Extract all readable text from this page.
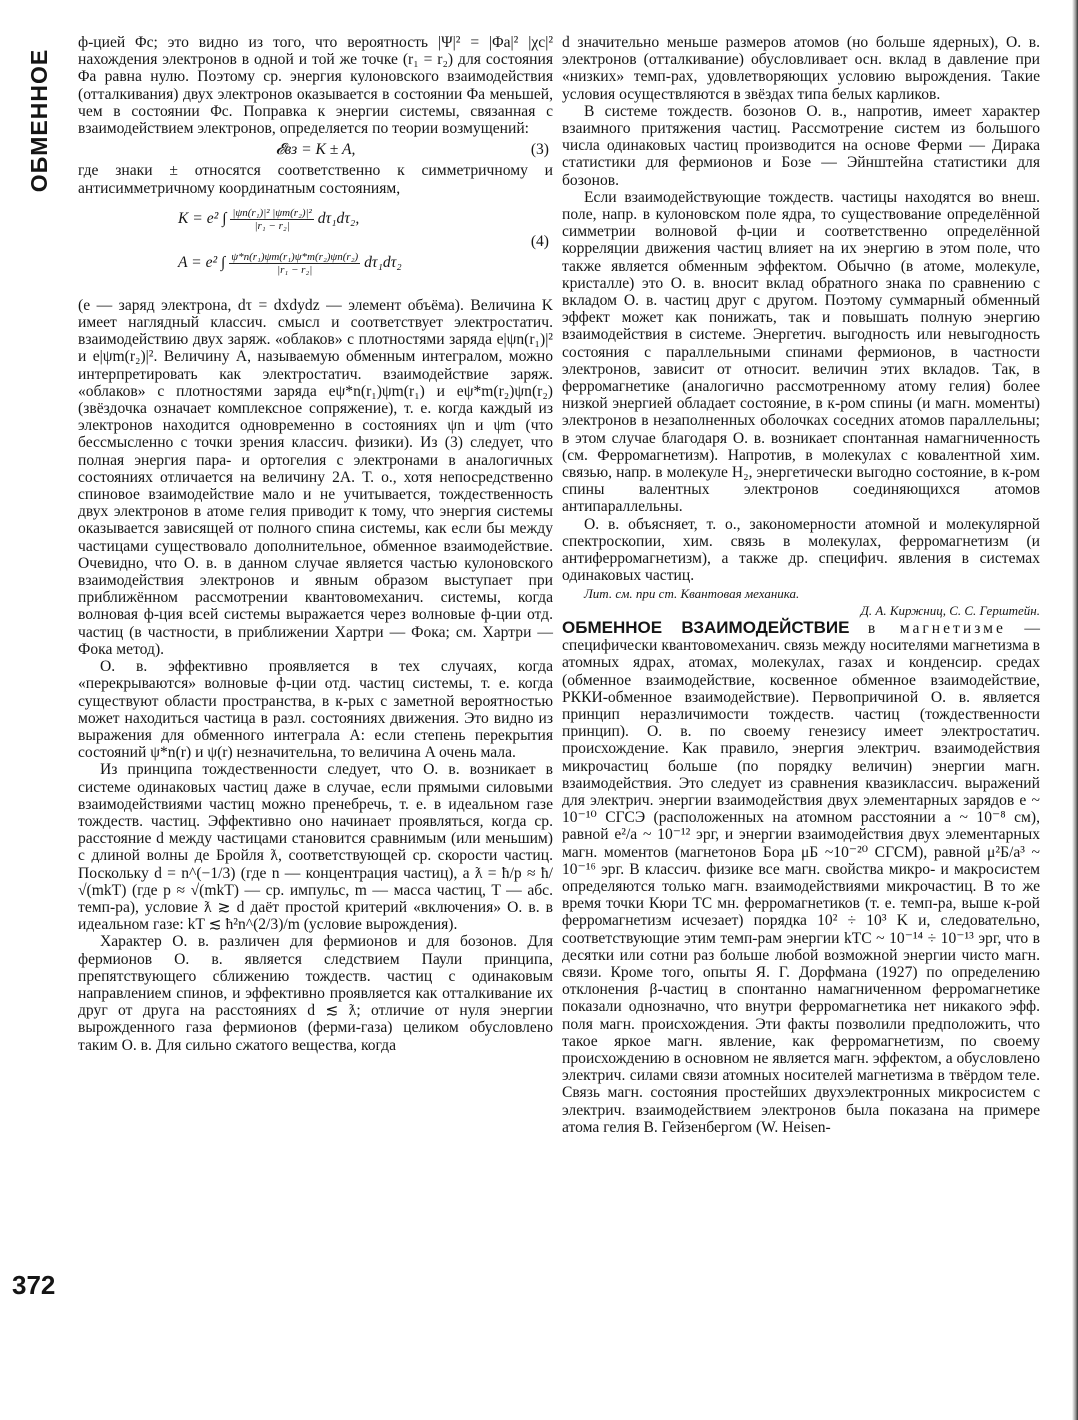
ОБМЕННОЕ
372

ф-цией Φc; это видно из того, что вероятность |Ψ|² = |Φа|² |χс|² нахождения электронов в одной и той же точке (r₁ = r₂) для состояния Φа равна нулю. Поэтому ср. энергия кулоновского взаимодействия (отталкивания) двух электронов оказывается в состоянии Φа меньшей, чем в состоянии Φс. Поправка к энергии системы, связанная с взаимодействием электронов, определяется по теории возмущений:

𝓔вз = K ± A,	(3)

где знаки ± относятся соответственно к симметричному и антисимметричному координатным состояниям,

K = e² ∫ $\frac{\text{|ψn(r₁)|² |ψm(r₂)|²}}{\text{|r₁ − r₂|}} d\tau_1d\tau_2$,
A = e² ∫ $\frac{\text{ψ*n(r₁)ψm(r₁)ψ*m(r₂)ψn(r₂)}}{\text{|r₁ − r₂|}} d\tau_1d\tau_2$
(4)

(e — заряд электрона, dτ = dxdydz — элемент объёма). Величина K имеет наглядный классич. смысл и соответствует электростатич. взаимодействию двух заряж. «облаков» с плотностями заряда e|ψn(r₁)|² и e|ψm(r₂)|². Величину A, называемую обменным интегралом, можно интерпретировать как электростатич. взаимодействие заряж. «облаков» с плотностями заряда eψ*n(r₁)ψm(r₁) и eψ*m(r₂)ψn(r₂) (звёздочка означает комплексное сопряжение), т. е. когда каждый из электронов находится одновременно в состояниях ψn и ψm (что бессмысленно с точки зрения классич. физики). Из (3) следует, что полная энергия пара- и ортогелия с электронами в аналогичных состояниях отличается на величину 2A. Т. о., хотя непосредственно спиновое взаимодействие мало и не учитывается, тождественность двух электронов в атоме гелия приводит к тому, что энергия системы оказывается зависящей от полного спина системы, как если бы между частицами существовало дополнительное, обменное взаимодействие. Очевидно, что О. в. в данном случае является частью кулоновского взаимодействия электронов и явным образом выступает при приближённом рассмотрении квантовомеханич. системы, когда волновая ф-ция всей системы выражается через волновые ф-ции отд. частиц (в частности, в приближении Хартри — Фока; см. Хартри — Фока метод).

О. в. эффективно проявляется в тех случаях, когда «перекрываются» волновые ф-ции отд. частиц системы, т. е. когда существуют области пространства, в к-рых с заметной вероятностью может находиться частица в разл. состояниях движения. Это видно из выражения для обменного интеграла A: если степень перекрытия состояний ψ*n(r) и ψ(r) незначительна, то величина A очень мала.

Из принципа тождественности следует, что О. в. возникает в системе одинаковых частиц даже в случае, если прямыми силовыми взаимодействиями частиц можно пренебречь, т. е. в идеальном газе тождеств. частиц. Эффективно оно начинает проявляться, когда ср. расстояние d между частицами становится сравнимым (или меньшим) с длиной волны де Бройля ƛ, соответствующей ср. скорости частиц. Поскольку d = n^(−1/3) (где n — концентрация частиц), а ƛ = ħ/p ≈ ħ/√(mkT) (где p ≈ √(mkT) — ср. импульс, m — масса частиц, T — абс. темп-ра), условие ƛ ≳ d даёт простой критерий «включения» О. в. в идеальном газе: kT ≲ ħ²n^(2/3)/m (условие вырождения).

Характер О. в. различен для фермионов и для бозонов. Для фермионов О. в. является следствием Паули принципа, препятствующего сближению тождеств. частиц с одинаковым направлением спинов, и эффективно проявляется как отталкивание их друг от друга на расстояниях d ≲ ƛ; отличие от нуля энергии вырожденного газа фермионов (ферми-газа) целиком обусловлено таким О. в. Для сильно сжатого вещества, когда

d значительно меньше размеров атомов (но больше ядерных), О. в. электронов (отталкивание) обусловливает осн. вклад в давление при «низких» темп-рах, удовлетворяющих условию вырождения. Такие условия осуществляются в звёздах типа белых карликов.

В системе тождеств. бозонов О. в., напротив, имеет характер взаимного притяжения частиц. Рассмотрение систем из большого числа одинаковых частиц производится на основе Ферми — Дирака статистики для фермионов и Бозе — Эйнштейна статистики для бозонов.

Если взаимодействующие тождеств. частицы находятся во внеш. поле, напр. в кулоновском поле ядра, то существование определённой симметрии волновой ф-ции и соответственно определённой корреляции движения частиц влияет на их энергию в этом поле, что также является обменным эффектом. Обычно (в атоме, молекуле, кристалле) это О. в. вносит вклад обратного знака по сравнению с вкладом О. в. частиц друг с другом. Поэтому суммарный обменный эффект может как понижать, так и повышать полную энергию взаимодействия в системе. Энергетич. выгодность или невыгодность состояния с параллельными спинами фермионов, в частности электронов, зависит от относит. величин этих вкладов. Так, в ферромагнетике (аналогично рассмотренному атому гелия) более низкой энергией обладает состояние, в к-ром спины (и магн. моменты) электронов в незаполненных оболочках соседних атомов параллельны; в этом случае благодаря О. в. возникает спонтанная намагниченность (см. Ферромагнетизм). Напротив, в молекулах с ковалентной хим. связью, напр. в молекуле H₂, энергетически выгодно состояние, в к-ром спины валентных электронов соединяющихся атомов антипараллельны.

О. в. объясняет, т. о., закономерности атомной и молекулярной спектроскопии, хим. связь в молекулах, ферромагнетизм (и антиферромагнетизм), а также др. специфич. явления в системах одинаковых частиц.

Лит. см. при ст. Квантовая механика.

Д. А. Киржниц, С. С. Герштейн.

ОБМЕННОЕ ВЗАИМОДЕЙСТВИЕ в магнетизме — специфически квантовомеханич. связь между носителями магнетизма в атомных ядрах, атомах, молекулах, газах и конденсир. средах (обменное взаимодействие, косвенное обменное взаимодействие, РККИ-обменное взаимодействие). Первопричиной О. в. является принцип неразличимости тождеств. частиц (тождественности принцип). О. в. по своему генезису имеет электростатич. происхождение. Как правило, энергия электрич. взаимодействия микрочастиц больше (по порядку величин) энергии магн. взаимодействия. Это следует из сравнения квазиклассич. выражений для электрич. энергии взаимодействия двух элементарных зарядов e ~ 10⁻¹⁰ СГСЭ (расположенных на атомном расстоянии a ~ 10⁻⁸ см), равной e²/a ~ 10⁻¹² эрг, и энергии взаимодействия двух элементарных магн. моментов (магнетонов Бора μБ ~10⁻²⁰ СГСМ), равной μ²Б/a³ ~ 10⁻¹⁶ эрг. В классич. физике все магн. свойства микро- и макросистем определяются только магн. взаимодействиями микрочастиц. В то же время точки Кюри TC мн. ферромагнетиков (т. е. темп-ра, выше к-рой ферромагнетизм исчезает) порядка 10² ÷ 10³ K и, следовательно, соответствующие этим темп-рам энергии kTC ~ 10⁻¹⁴ ÷ 10⁻¹³ эрг, что в десятки или сотни раз больше любой возможной энергии чисто магн. связи. Кроме того, опыты Я. Г. Дорфмана (1927) по определению отклонения β-частиц в спонтанно намагниченном ферромагнетике показали однозначно, что внутри ферромагнетика нет никакого эфф. поля магн. происхождения. Эти факты позволили предположить, что такое яркое магн. явление, как ферромагнетизм, по своему происхождению в основном не является магн. эффектом, а обусловлено электрич. силами связи атомных носителей магнетизма в твёрдом теле. Связь магн. состояния простейших двухэлектронных микросистем с электрич. взаимодействием электронов была показана на примере атома гелия В. Гейзенбергом (W. Heisen-
